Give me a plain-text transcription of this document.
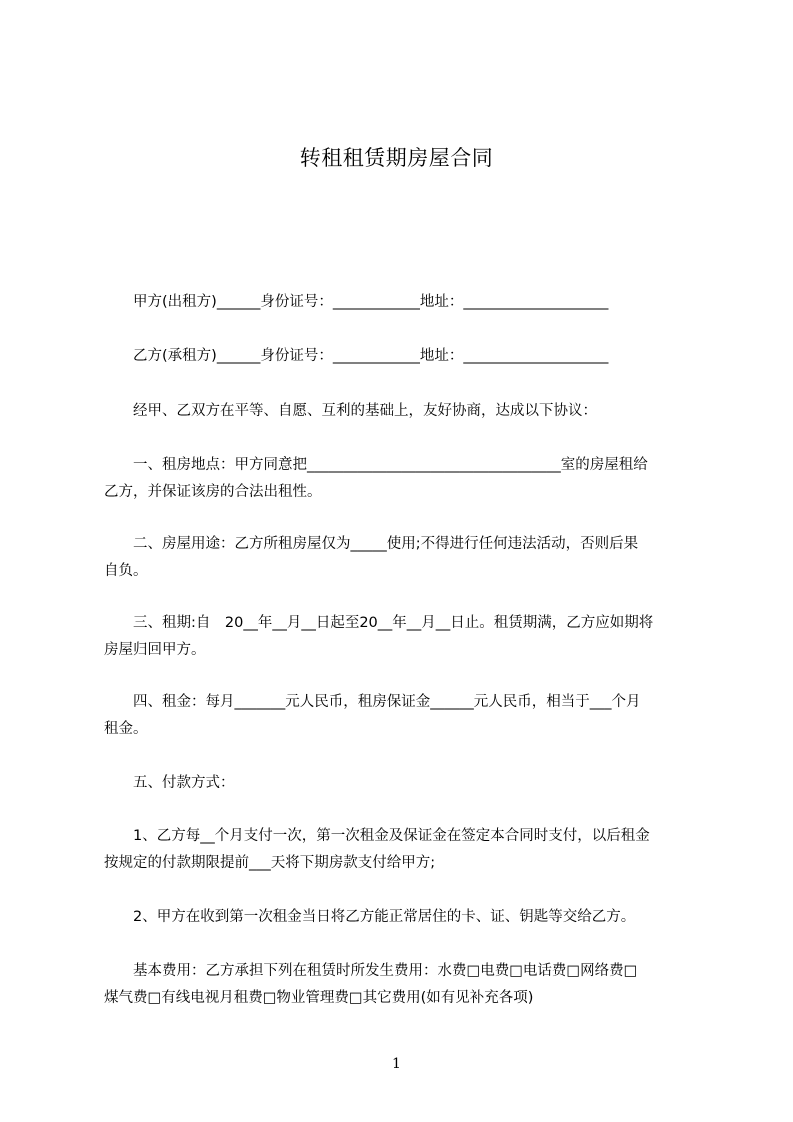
转租租赁期房屋合同
　　甲方(出租方)______身份证号：____________地址：____________________
　　乙方(承租方)______身份证号：____________地址：____________________
　　经甲、乙双方在平等、自愿、互利的基础上，友好协商，达成以下协议：
　　一、租房地点：甲方同意把___________________________________室的房屋租给
乙方，并保证该房的合法出租性。
　　二、房屋用途：乙方所租房屋仅为_____使用;不得进行任何违法活动，否则后果
自负。
　　三、租期:自　20__年__月__日起至20__年__月__日止。租赁期满，乙方应如期将
房屋归回甲方。
　　四、租金：每月_______元人民币，租房保证金______元人民币，相当于___个月
租金。
　　五、付款方式：
　　1、乙方每__个月支付一次，第一次租金及保证金在签定本合同时支付，以后租金
按规定的付款期限提前___天将下期房款支付给甲方;
　　2、甲方在收到第一次租金当日将乙方能正常居住的卡、证、钥匙等交给乙方。
　　基本费用：乙方承担下列在租赁时所发生费用：水费□电费□电话费□网络费□
煤气费□有线电视月租费□物业管理费□其它费用(如有见补充各项)
1
